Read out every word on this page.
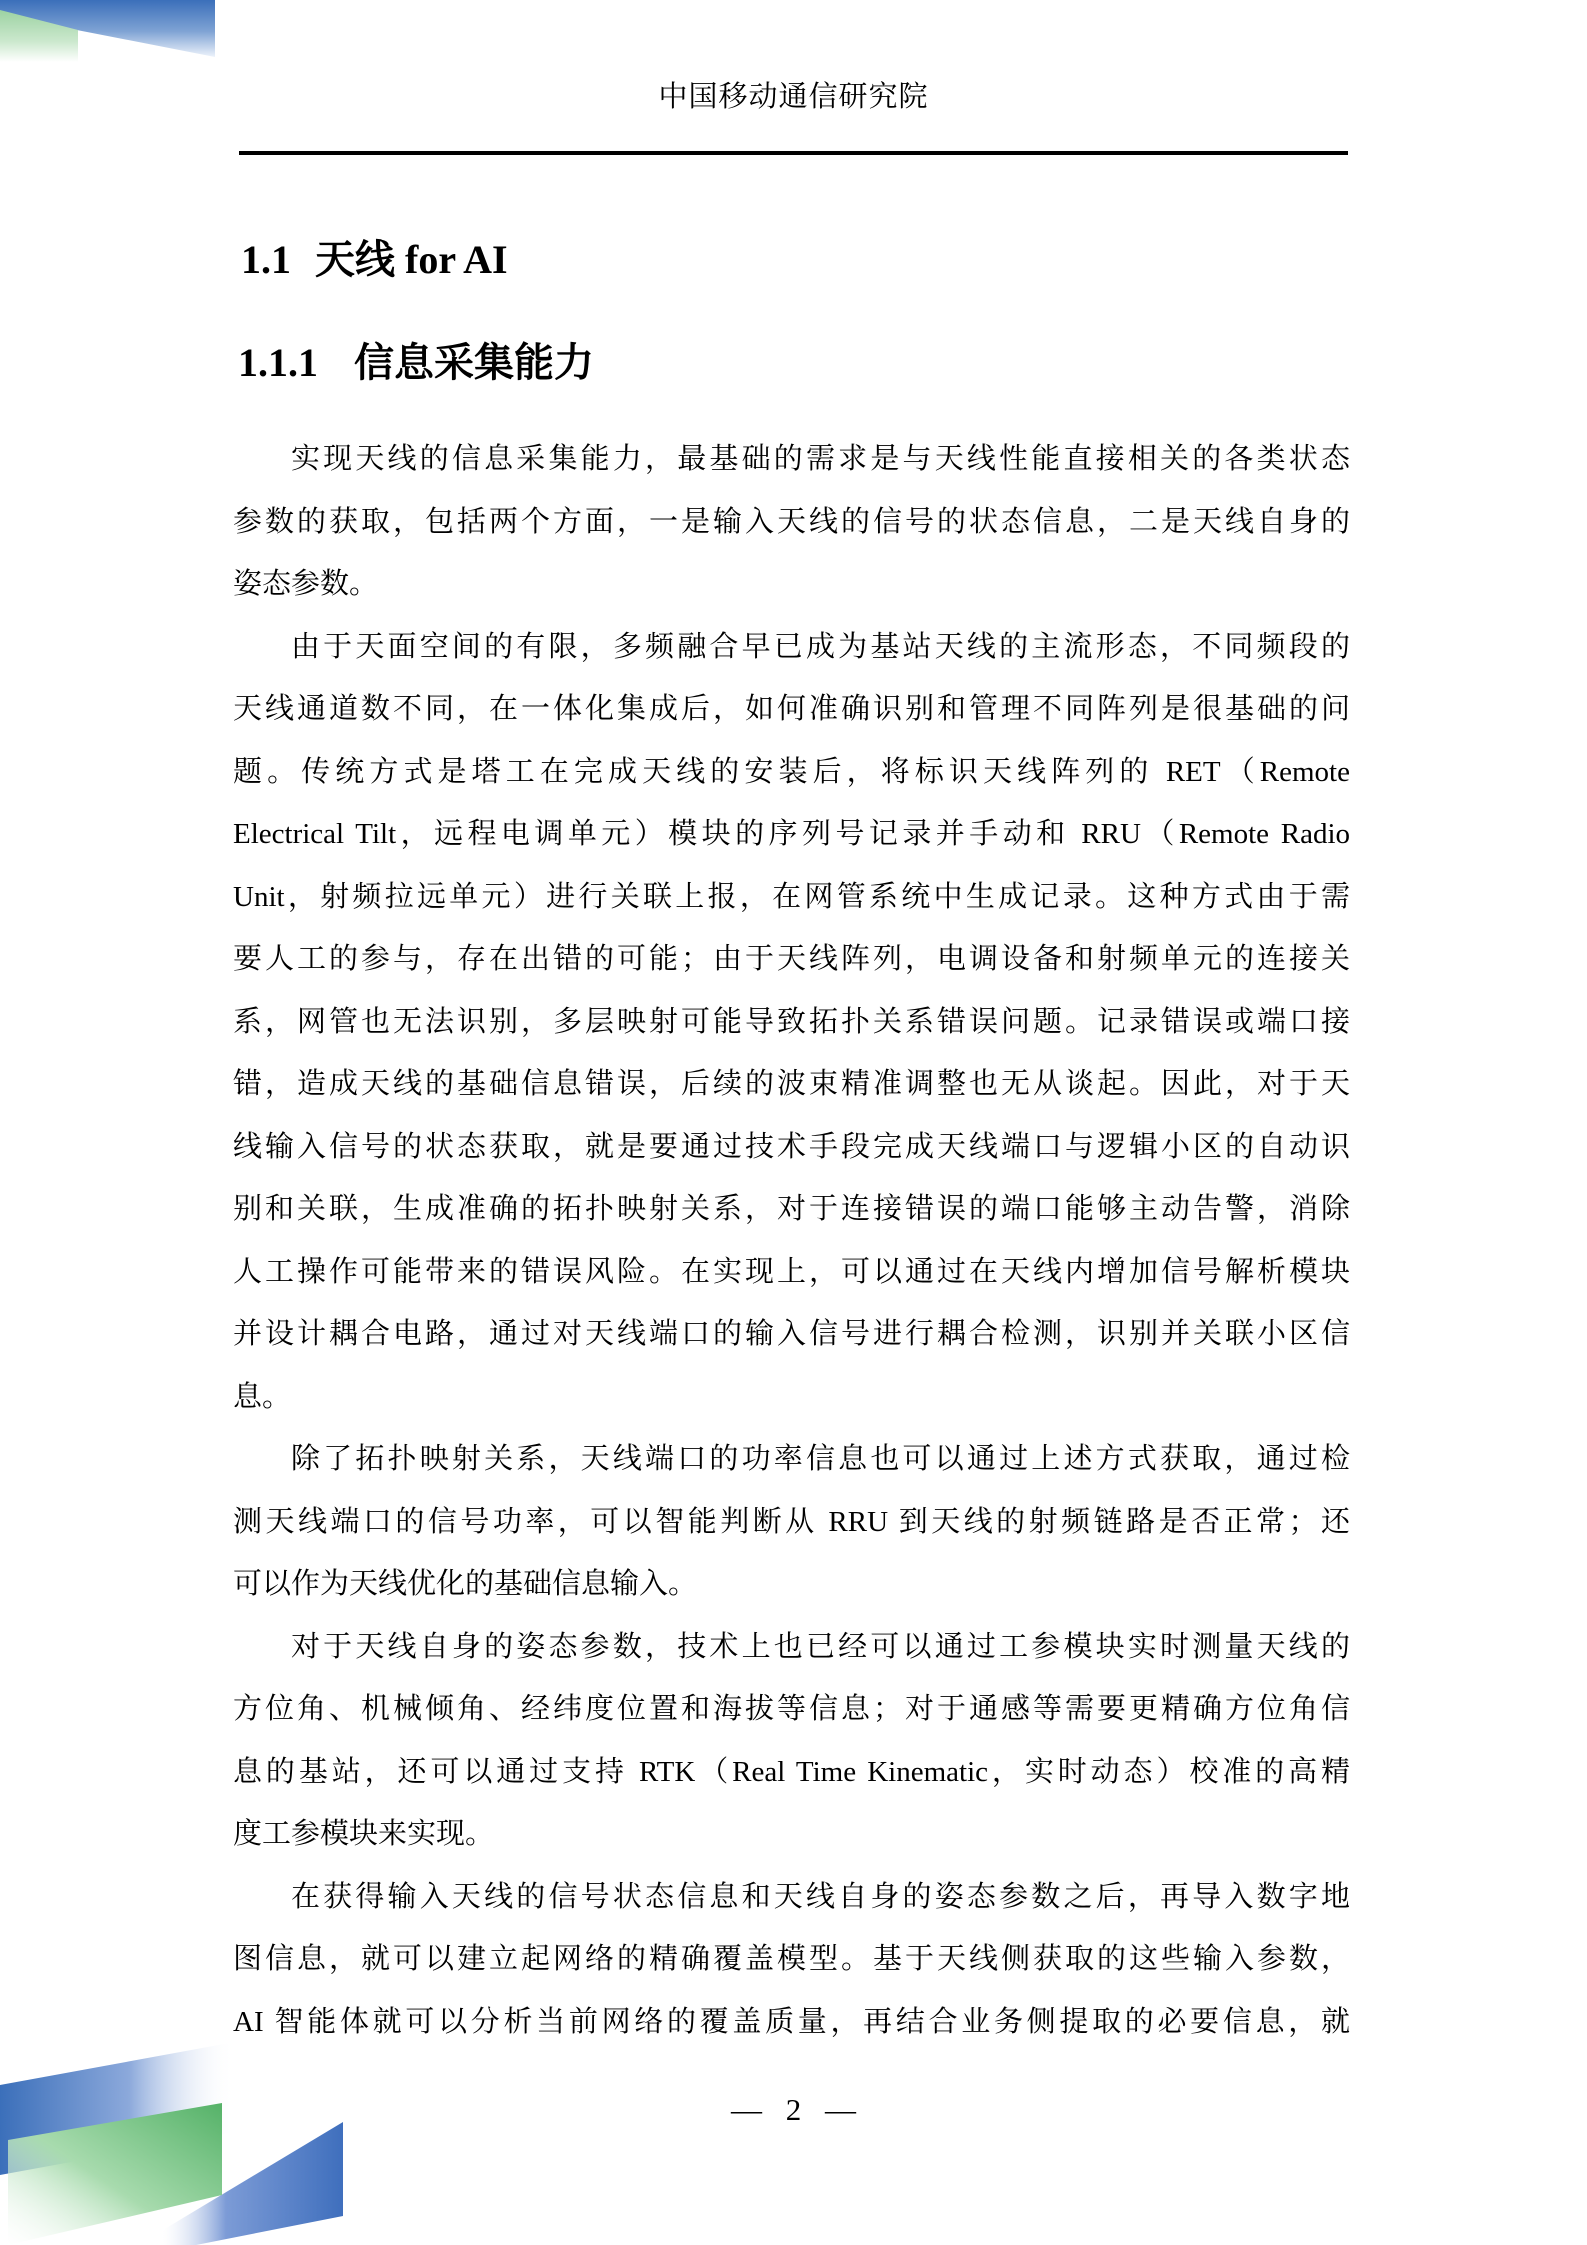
中国移动通信研究院
1.1 天线 for AI
1.1.1 信息采集能力
实现天线的信息采集能力，最基础的需求是与天线性能直接相关的各类状态
参数的获取，包括两个方面，一是输入天线的信号的状态信息，二是天线自身的
姿态参数。
由于天面空间的有限，多频融合早已成为基站天线的主流形态，不同频段的
天线通道数不同，在一体化集成后，如何准确识别和管理不同阵列是很基础的问
题。传统方式是塔工在完成天线的安装后，将标识天线阵列的 RET（Remote
Electrical Tilt，远程电调单元）模块的序列号记录并手动和 RRU（Remote Radio
Unit，射频拉远单元）进行关联上报，在网管系统中生成记录。这种方式由于需
要人工的参与，存在出错的可能；由于天线阵列，电调设备和射频单元的连接关
系，网管也无法识别，多层映射可能导致拓扑关系错误问题。记录错误或端口接
错，造成天线的基础信息错误，后续的波束精准调整也无从谈起。因此，对于天
线输入信号的状态获取，就是要通过技术手段完成天线端口与逻辑小区的自动识
别和关联，生成准确的拓扑映射关系，对于连接错误的端口能够主动告警，消除
人工操作可能带来的错误风险。在实现上，可以通过在天线内增加信号解析模块
并设计耦合电路，通过对天线端口的输入信号进行耦合检测，识别并关联小区信
息。
除了拓扑映射关系，天线端口的功率信息也可以通过上述方式获取，通过检
测天线端口的信号功率，可以智能判断从 RRU 到天线的射频链路是否正常；还
可以作为天线优化的基础信息输入。
对于天线自身的姿态参数，技术上也已经可以通过工参模块实时测量天线的
方位角、机械倾角、经纬度位置和海拔等信息；对于通感等需要更精确方位角信
息的基站，还可以通过支持 RTK（Real Time Kinematic，实时动态）校准的高精
度工参模块来实现。
在获得输入天线的信号状态信息和天线自身的姿态参数之后，再导入数字地
图信息，就可以建立起网络的精确覆盖模型。基于天线侧获取的这些输入参数，
AI 智能体就可以分析当前网络的覆盖质量，再结合业务侧提取的必要信息，就
— 2 —
